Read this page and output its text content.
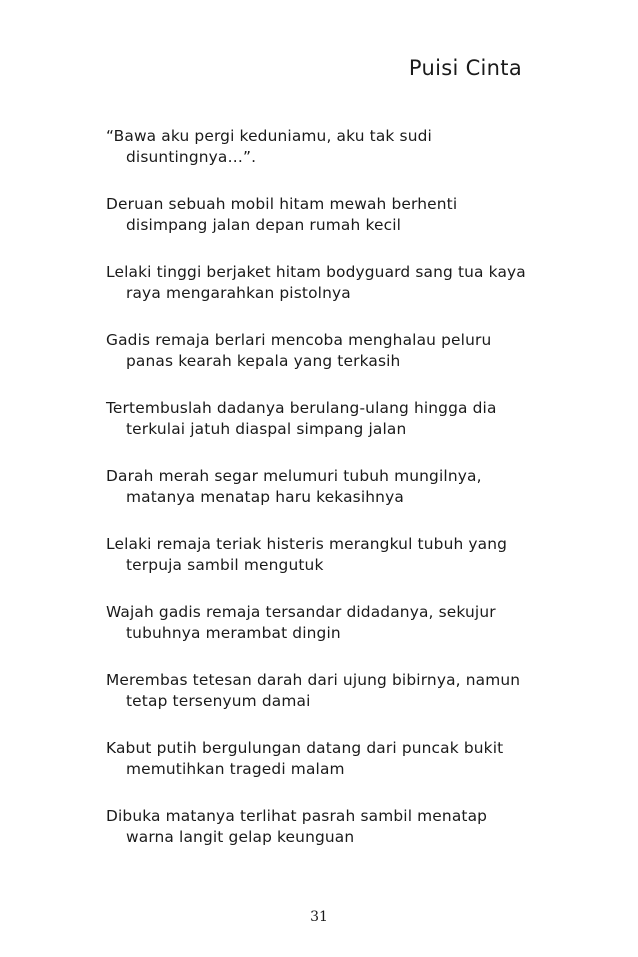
Puisi Cinta
“Bawa aku pergi keduniamu, aku tak sudi
disuntingnya…”.
Deruan sebuah mobil hitam mewah berhenti
disimpang jalan depan rumah kecil
Lelaki tinggi berjaket hitam bodyguard sang tua kaya
raya mengarahkan pistolnya
Gadis remaja berlari mencoba menghalau peluru
panas kearah kepala yang terkasih
Tertembuslah dadanya berulang-ulang hingga dia
terkulai jatuh diaspal simpang jalan
Darah merah segar melumuri tubuh mungilnya,
matanya menatap haru kekasihnya
Lelaki remaja teriak histeris merangkul tubuh yang
terpuja sambil mengutuk
Wajah gadis remaja tersandar didadanya, sekujur
tubuhnya merambat dingin
Merembas tetesan darah dari ujung bibirnya, namun
tetap tersenyum damai
Kabut putih bergulungan datang dari puncak bukit
memutihkan tragedi malam
Dibuka matanya terlihat pasrah sambil menatap
warna langit gelap keunguan
31
